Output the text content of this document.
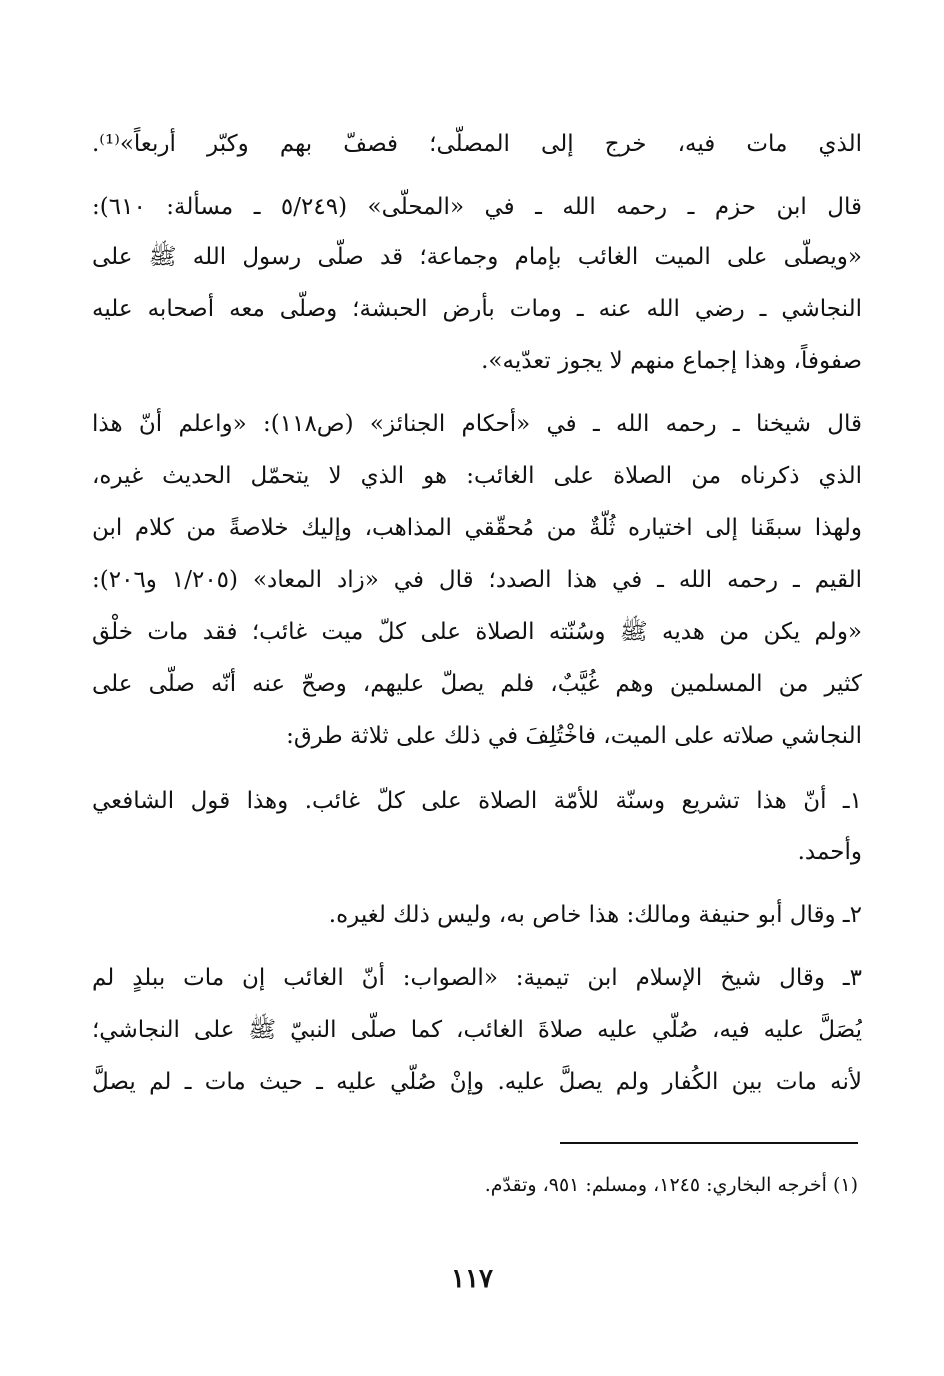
الذي مات فيه، خرج إلى المصلّى؛ فصفّ بهم وكبّر أربعاً»⁽¹⁾.
قال ابن حزم ـ رحمه الله ـ في «المحلّى» (٥/٢٤٩ ـ مسألة: ٦١٠):
«ويصلّى على الميت الغائب بإمام وجماعة؛ قد صلّى رسول الله ﷺ على
النجاشي ـ رضي الله عنه ـ ومات بأرض الحبشة؛ وصلّى معه أصحابه عليه
صفوفاً، وهذا إجماع منهم لا يجوز تعدّيه».
قال شيخنا ـ رحمه الله ـ في «أحكام الجنائز» (ص١١٨): «واعلم أنّ هذا
الذي ذكرناه من الصلاة على الغائب: هو الذي لا يتحمّل الحديث غيره،
ولهذا سبقَنا إلى اختياره ثُلّةٌ من مُحقّقي المذاهب، وإليك خلاصةً من كلام ابن
القيم ـ رحمه الله ـ في هذا الصدد؛ قال في «زاد المعاد» (١/٢٠٥ و٢٠٦):
«ولم يكن من هديه ﷺ وسُنّته الصلاة على كلّ ميت غائب؛ فقد مات خلْق
كثير من المسلمين وهم غُيَّبٌ، فلم يصلّ عليهم، وصحّ عنه أنّه صلّى على
النجاشي صلاته على الميت، فاخْتُلِفَ في ذلك على ثلاثة طرق:
١ـ أنّ هذا تشريع وسنّة للأمّة الصلاة على كلّ غائب. وهذا قول الشافعي
وأحمد.
٢ـ وقال أبو حنيفة ومالك: هذا خاص به، وليس ذلك لغيره.
٣ـ وقال شيخ الإسلام ابن تيمية: «الصواب: أنّ الغائب إن مات ببلدٍ لم
يُصَلَّ عليه فيه، صُلّي عليه صلاةَ الغائب، كما صلّى النبيّ ﷺ على النجاشي؛
لأنه مات بين الكُفار ولم يصلَّ عليه. وإنْ صُلّي عليه ـ حيث مات ـ لم يصلَّ
(١) أخرجه البخاري: ١٢٤٥، ومسلم: ٩٥١، وتقدّم.
١١٧
